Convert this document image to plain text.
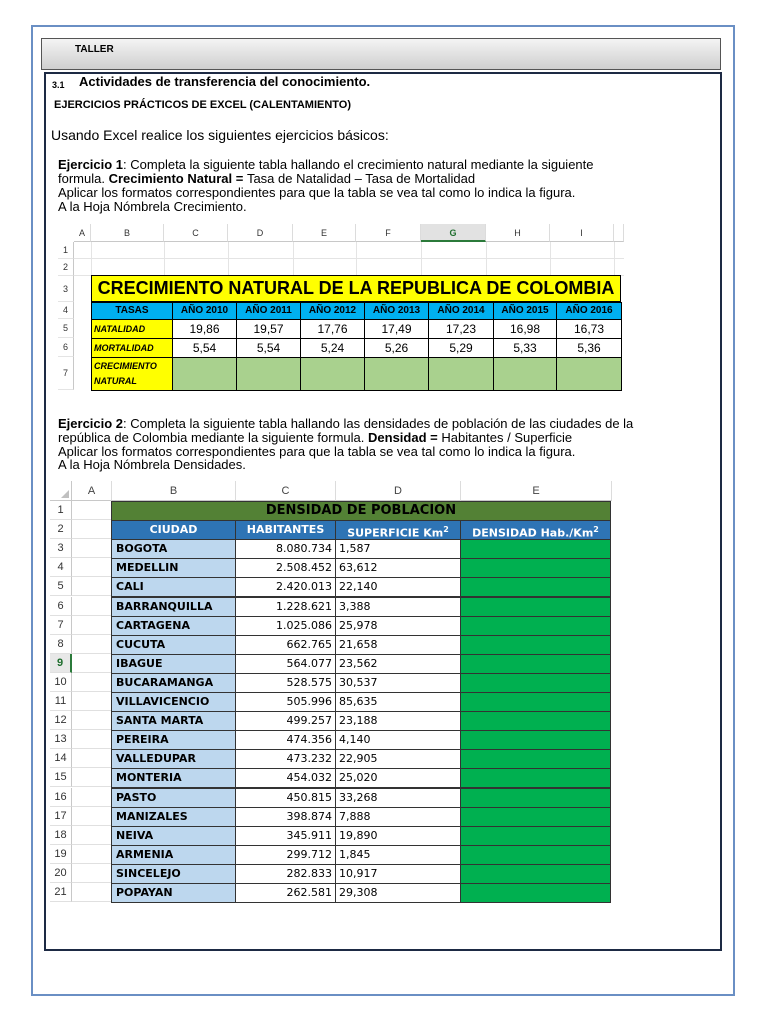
TALLER
3.1 Actividades de transferencia del conocimiento.
EJERCICIOS PRÁCTICOS DE EXCEL (CALENTAMIENTO)
Usando Excel realice los siguientes ejercicios básicos:
Ejercicio 1: Completa la siguiente tabla hallando el crecimiento natural mediante la siguiente
formula. Crecimiento Natural = Tasa de Natalidad – Tasa de Mortalidad
Aplicar los formatos correspondientes para que la tabla se vea tal como lo indica la figura.
A la Hoja Nómbrela Crecimiento.
A	B	C	D	E	F	G	H	I
1
2
3
4
5
6
7
CRECIMIENTO NATURAL DE LA REPUBLICA DE COLOMBIA
TASAS	AÑO 2010	AÑO 2011	AÑO 2012	AÑO 2013	AÑO 2014	AÑO 2015	AÑO 2016
NATALIDAD	19,86	19,57	17,76	17,49	17,23	16,98	16,73
MORTALIDAD	5,54	5,54	5,24	5,26	5,29	5,33	5,36
CRECIMIENTO
NATURAL
Ejercicio 2: Completa la siguiente tabla hallando las densidades de población de las ciudades de la
república de Colombia mediante la siguiente formula. Densidad = Habitantes / Superficie
Aplicar los formatos correspondientes para que la tabla se vea tal como lo indica la figura.
A la Hoja Nómbrela Densidades.
A	B	C	D	E
1
2
3
4
5
6
7
8
9
10
11
12
13
14
15
16
17
18
19
20
21
DENSIDAD DE POBLACION
CIUDAD	HABITANTES	SUPERFICIE Km$^2$	DENSIDAD Hab./Km$^2$
BOGOTA	8.080.734 1,587
MEDELLIN	2.508.452 63,612
CALI	2.420.013 22,140
BARRANQUILLA	1.228.621 3,388
CARTAGENA	1.025.086 25,978
CUCUTA	662.765 21,658
IBAGUE	564.077 23,562
BUCARAMANGA	528.575 30,537
VILLAVICENCIO	505.996 85,635
SANTA MARTA	499.257 23,188
PEREIRA	474.356 4,140
VALLEDUPAR	473.232 22,905
MONTERIA	454.032 25,020
PASTO	450.815 33,268
MANIZALES	398.874 7,888
NEIVA	345.911 19,890
ARMENIA	299.712 1,845
SINCELEJO	282.833 10,917
POPAYAN	262.581 29,308
